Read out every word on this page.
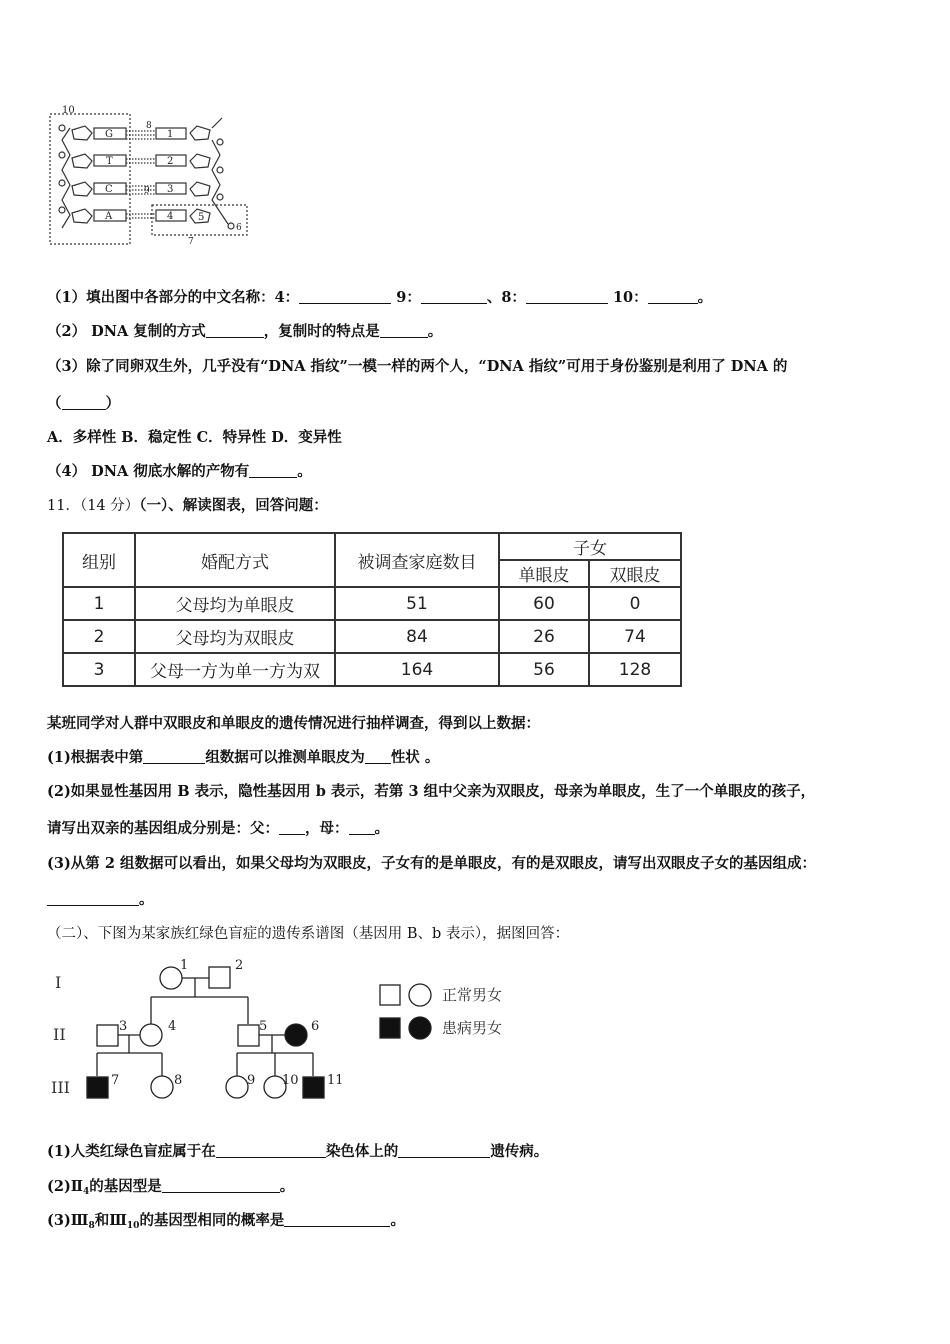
10
G
T
C
A
8
9
1
2
3
4 5
6
7
（1）填出图中各部分的中文名称：4：	9：	、8：	10：	。
（2） DNA 复制的方式	，复制时的特点是	。
（3）除了同卵双生外，几乎没有“DNA 指纹”一模一样的两个人，“DNA 指纹”可用于身份鉴别是利用了 DNA 的
（	）
A．多样性 B．稳定性 C．特异性 D．变异性
（4） DNA 彻底水解的产物有	。
11．（14 分）（一）、解读图表，回答问题：
组别	婚配方式	被调查家庭数目	子女	
			单眼皮	双眼皮
1	父母均为单眼皮	51	60	0
2	父母均为双眼皮	84	26	74
3	父母一方为单一方为双	164	56	128
某班同学对人群中双眼皮和单眼皮的遗传情况进行抽样调查，得到以上数据：
(1)根据表中第	组数据可以推测单眼皮为 性状 。
(2)如果显性基因用 B 表示，隐性基因用 b 表示，若第 3 组中父亲为双眼皮，母亲为单眼皮，生了一个单眼皮的孩子，
请写出双亲的基因组成分别是：父： ，母： 。
(3)从第 2 组数据可以看出，如果父母均为双眼皮，子女有的是单眼皮，有的是双眼皮，请写出双眼皮子女的基因组成：
。
（二）、下图为某家族红绿色盲症的遗传系谱图（基因用 B、b 表示），据图回答：
I
II
III
1	2
3	4	5	6
7	8	9 10 11
正常男女
患病男女
(1)人类红绿色盲症属于在	染色体上的	遗传病。
$(2)Ⅱ_4$的基因型是	。
$(3)Ⅲ_8$和$Ⅲ_{10}$的基因型相同的概率是	。
